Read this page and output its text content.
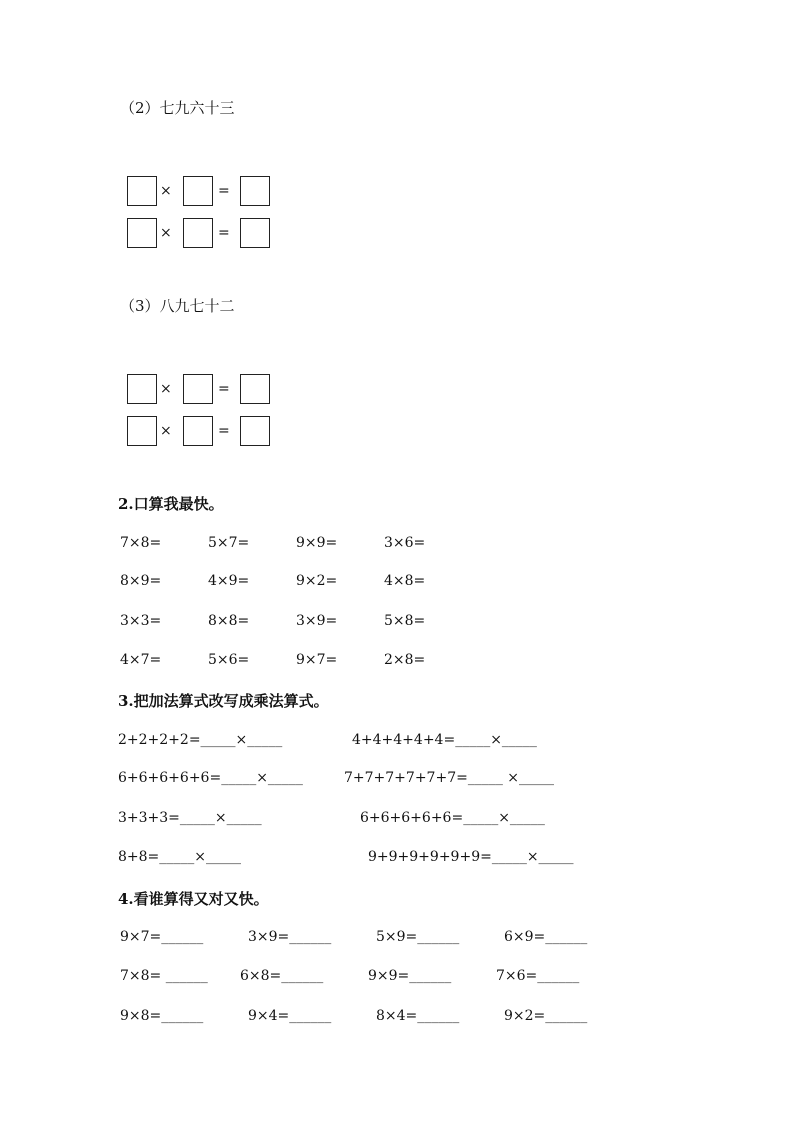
（2）七九六十三
×	=
×	=
（3）八九七十二
×	=
×	=
2.口算我最快。
7×8=	5×7=	9×9=	3×6=
8×9=	4×9=	9×2=	4×8=
3×3=	8×8=	3×9=	5×8=
4×7=	5×6=	9×7=	2×8=
3.把加法算式改写成乘法算式。
2+2+2+2=_____×_____	4+4+4+4+4=_____×_____
6+6+6+6+6=_____×_____	7+7+7+7+7+7=_____ ×_____
3+3+3=_____×_____	6+6+6+6+6=_____×_____
8+8=_____×_____	9+9+9+9+9+9=_____×_____
4.看谁算得又对又快。
9×7=______	3×9=______	5×9=______	6×9=______
7×8= ______ 6×8=______	9×9=______	7×6=______
9×8=______	9×4=______	8×4=______	9×2=______
